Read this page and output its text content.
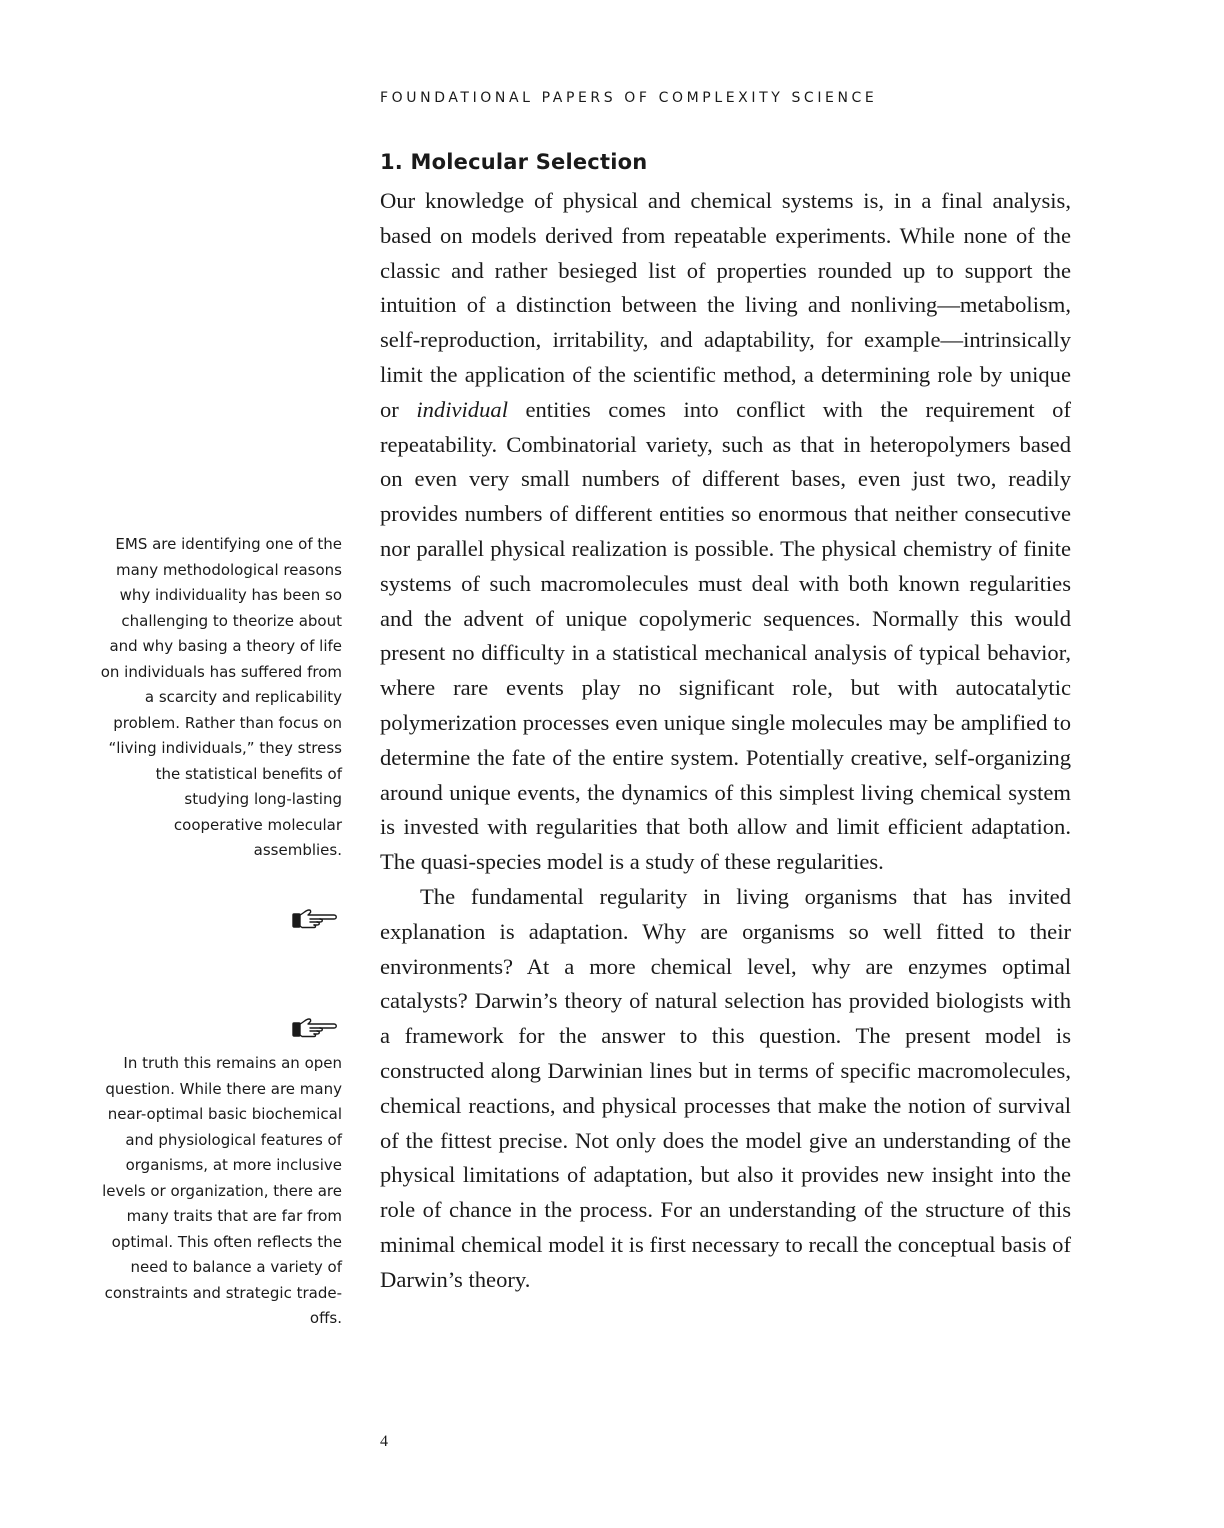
FOUNDATIONAL PAPERS OF COMPLEXITY SCIENCE
1. Molecular Selection

Our knowledge of physical and chemical systems is, in a final analysis, based on models derived from repeatable experiments. While none of the classic and rather besieged list of properties rounded up to support the intuition of a distinction between the living and nonliving—metabolism, self-reproduction, irritability, and adaptability, for example—intrinsically limit the application of the scientific method, a determining role by unique or individual entities comes into conflict with the requirement of repeatability. Combinatorial variety, such as that in heteropolymers based on even very small numbers of different bases, even just two, readily provides numbers of different entities so enormous that neither consecutive nor parallel physical realization is possible. The physical chemistry of finite systems of such macromolecules must deal with both known regularities and the advent of unique copolymeric sequences. Normally this would present no difficulty in a statistical mechanical analysis of typical behavior, where rare events play no significant role, but with autocatalytic polymerization processes even unique single molecules may be amplified to determine the fate of the entire system. Potentially creative, self-organizing around unique events, the dynamics of this simplest living chemical system is invested with regularities that both allow and limit efficient adaptation. The quasi-species model is a study of these regularities.

The fundamental regularity in living organisms that has invited explanation is adaptation. Why are organisms so well fitted to their environments? At a more chemical level, why are enzymes optimal catalysts? Darwin’s theory of natural selection has provided biologists with a framework for the answer to this question. The present model is constructed along Darwinian lines but in terms of specific macromolecules, chemical reactions, and physical processes that make the notion of survival of the fittest precise. Not only does the model give an understanding of the physical limitations of adaptation, but also it provides new insight into the role of chance in the process. For an understanding of the structure of this minimal chemical model it is first necessary to recall the conceptual basis of Darwin’s theory.

EMS are identifying one of the many methodological reasons why individuality has been so challenging to theorize about and why basing a theory of life on individuals has suffered from a scarcity and replicability problem. Rather than focus on “living individuals,” they stress the statistical benefits of studying long-lasting cooperative molecular assemblies.
In truth this remains an open question. While there are many near-optimal basic biochemical and physiological features of organisms, at more inclusive levels or organization, there are many traits that are far from optimal. This often reflects the need to balance a variety of constraints and strategic trade-offs.
4
